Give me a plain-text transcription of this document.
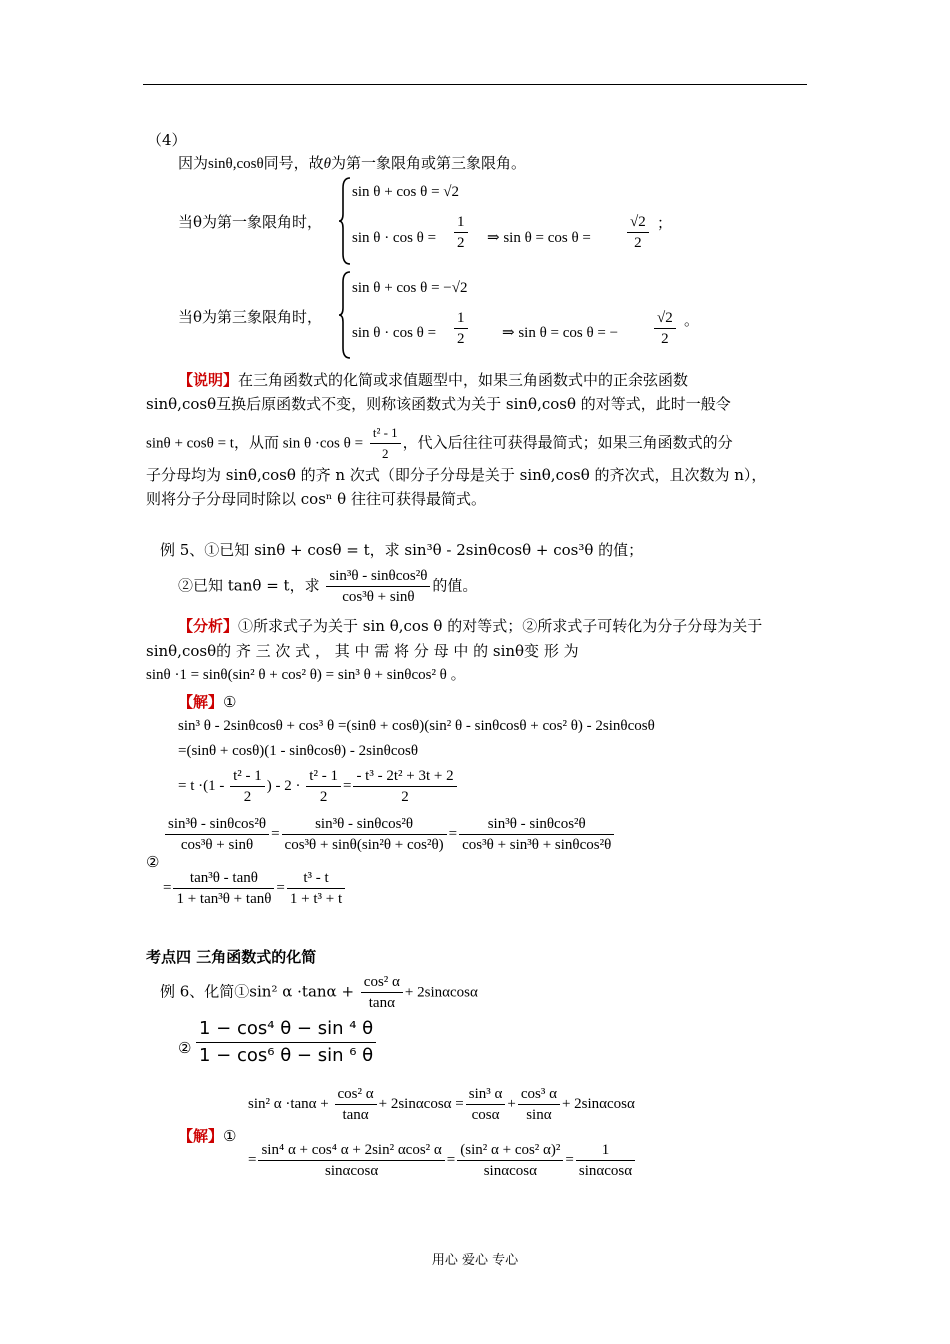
（4）
因为sinθ,cosθ同号，故θ为第一象限角或第三象限角。
当θ为第一象限角时，
sin θ + cos θ = √2
$\sin \theta \cdot \cos \theta = \frac{1}{2}$ ⇒ $\sin \theta = \cos \theta = \frac{√2}{2}$ ；
当θ为第三象限角时，
sin θ + cos θ = −√2
$\sin \theta \cdot \cos \theta = \frac{1}{2}$ ⇒ sin θ = cos θ = − $\frac{√2}{2}$ 。
【说明】在三角函数式的化简或求值题型中，如果三角函数式中的正余弦函数
sinθ,cosθ互换后原函数式不变，则称该函数式为关于 sinθ,cosθ 的对等式，此时一般令
sinθ + cosθ = t，从而 sin θ ·cos $\theta = \frac{\text{t² - 1}}{2}$ ，代入后往往可获得最简式；如果三角函数式的分
子分母均为 sinθ,cosθ 的齐 n 次式（即分子分母是关于 sinθ,cosθ 的齐次式，且次数为 n），
则将分子分母同时除以 cosⁿ θ 往往可获得最简式。
例 5、①已知 sinθ + cosθ = t，求 sin³θ - 2sinθcosθ + cos³θ 的值；
②已知 tanθ = t，求 $\frac{\text{sin³θ - sinθcos²θ}}{\text{cos³θ + sinθ}}$ 的值。
【分析】①所求式子为关于 sin θ,cos θ 的对等式；②所求式子可转化为分子分母为关于
sinθ,cosθ的 齐 三 次 式 ， 其 中 需 将 分 母 中 的 sinθ变 形 为
sinθ ·1 = sinθ(sin² θ + cos² θ) = sin³ θ + sinθcos² θ 。
【解】①
sin³ θ - 2sinθcosθ + cos³ θ =(sinθ + cosθ)(sin² θ - sinθcosθ + cos² θ) - 2sinθcosθ
=(sinθ + cosθ)(1 - sinθcosθ) - 2sinθcosθ
= $t \cdot(1 - \frac{\text{t² - 1}}{2}$ ) - $2 \cdot \frac{\text{t² - 1}}{2} = \frac{\text{- t³ - 2t² + 3t + 2}}{2}$
②
$\frac{\text{sin³θ - sinθcos²θ}}{\text{cos³θ + sinθ}} = \frac{\text{sin³θ - sinθcos²θ}}{\text{cos³θ + sinθ(sin²θ + cos²θ)}} = \frac{\text{sin³θ - sinθcos²θ}}{\text{cos³θ + sin³θ + sinθcos²θ}}$
= $\frac{\text{tan³θ - tanθ}}{\text{1 + tan³θ + tanθ}} = \frac{\text{t³ - t}}{\text{1 + t³ + t}}$
考点四 三角函数式的化简
例 6、化简①sin² $\alpha \cdot\tan\alpha + \frac{\text{cos² α}}{\tan\alpha} + 2\sin\alpha\cos\alpha$
② $\frac{\text{1 − cos⁴ θ − sin ⁴ θ}}{\text{1 − cos⁶ θ − sin ⁶ θ}}$
sin² $\alpha \cdot\tan\alpha + \frac{\text{cos² α}}{\tan\alpha} + 2\sin\alpha\cos\alpha = \frac{\text{sin³ α}}{\cos\alpha} + \frac{\text{cos³ α}}{\sin\alpha} + 2\sin\alpha\cos\alpha$
【解】①
= $\frac{\text{sin⁴ α + cos⁴ α + 2sin² αcos² α}}{\sin\alpha\cos\alpha} = \frac{\text{(sin² α + cos² α)²}}{\sin\alpha\cos\alpha} = \frac{1}{\sin\alpha\cos\alpha}$
用心 爱心 专心
